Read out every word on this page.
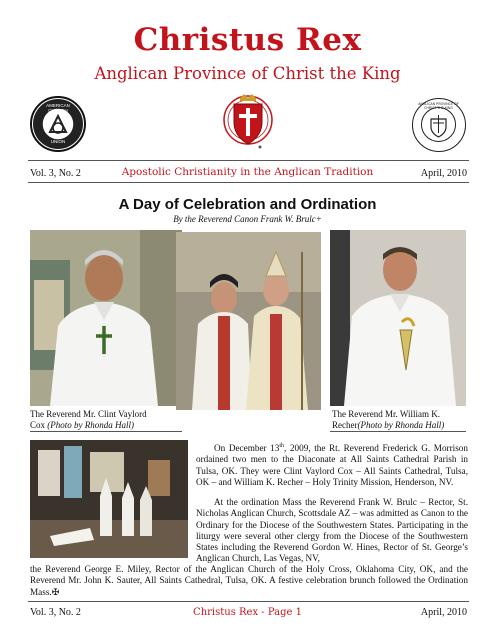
Christus Rex
Anglican Province of Christ the King
AMERICAN CHURCH
UNION
ANGLICAN PROVINCE OF CHRIST THE KING
Vol. 3, No. 2	Apostolic Christianity in the Anglican Tradition	April, 2010
A Day of Celebration and Ordination
By the Reverend Canon Frank W. Brulc+
The Reverend Mr. Clint Vaylord
Cox (Photo by Rhonda Hall)
The Reverend Mr. William K.
Recher(Photo by Rhonda Hall)
On December 13th, 2009, the Rt. Reverend Frederick G. Morrison ordained two men to the Diaconate at All Saints Cathedral Parish in Tulsa, OK. They were Clint Vaylord Cox – All Saints Cathedral, Tulsa, OK – and William K. Recher – Holy Trinity Mission, Henderson, NV.
At the ordination Mass the Reverend Frank W. Brulc – Rector, St. Nicholas Anglican Church, Scottsdale AZ – was admitted as Canon to the Ordinary for the Diocese of the Southwestern States. Participating in the liturgy were several other clergy from the Diocese of the Southwestern States including the Reverend Gordon W. Hines, Rector of St. George’s Anglican Church, Las Vegas, NV,
the Reverend George E. Miley, Rector of the Anglican Church of the Holy Cross, Oklahoma City, OK, and the Reverend Mr. John K. Sauter, All Saints Cathedral, Tulsa, OK. A festive celebration brunch followed the Ordination Mass.✠
Vol. 3, No. 2	Christus Rex - Page 1	April, 2010
